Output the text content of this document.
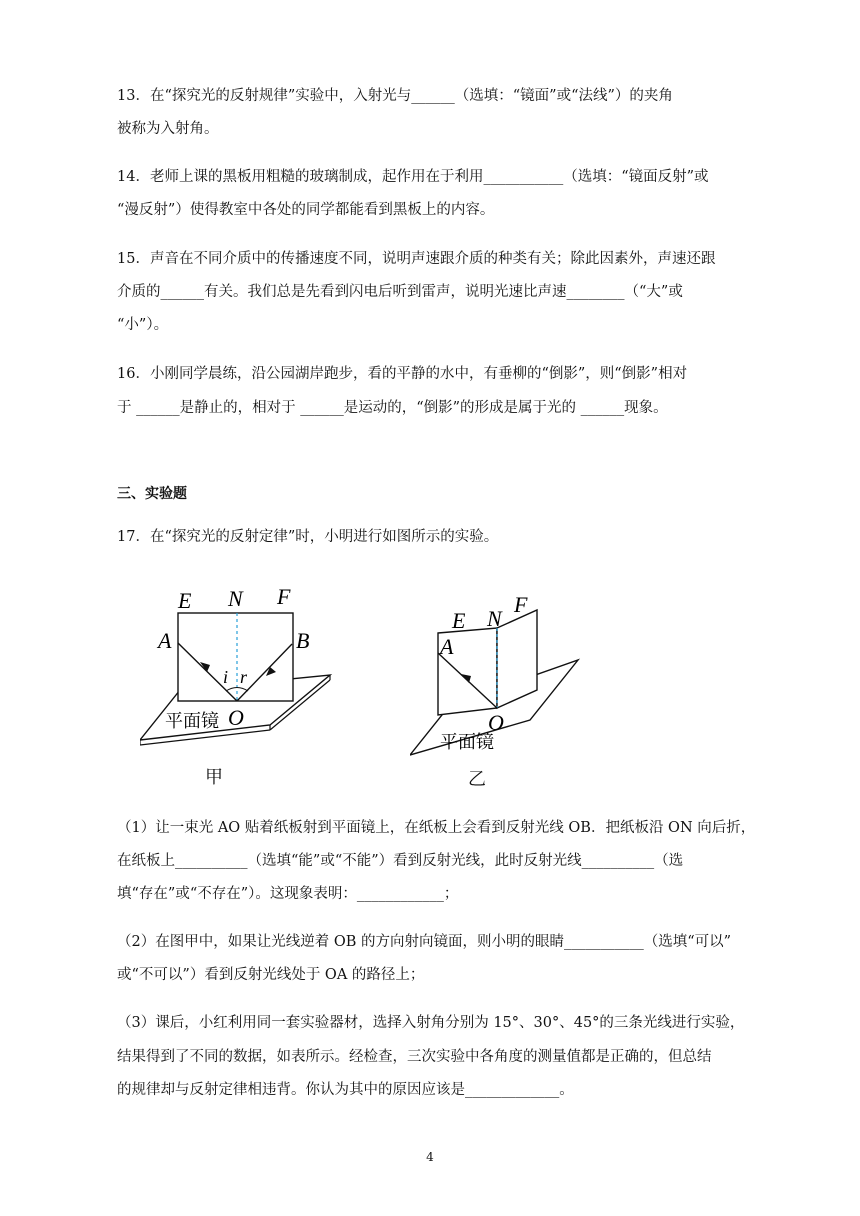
13．在“探究光的反射规律”实验中，入射光与______（选填：“镜面”或“法线”）的夹角
被称为入射角。
14．老师上课的黑板用粗糙的玻璃制成，起作用在于利用___________（选填：“镜面反射”或
“漫反射”）使得教室中各处的同学都能看到黑板上的内容。
15．声音在不同介质中的传播速度不同，说明声速跟介质的种类有关；除此因素外，声速还跟
介质的______有关。我们总是先看到闪电后听到雷声，说明光速比声速________（“大”或
“小”）。
16．小刚同学晨练，沿公园湖岸跑步，看的平静的水中，有垂柳的“倒影”，则“倒影”相对
于 ______是静止的，相对于 ______是运动的，“倒影”的形成是属于光的 ______现象。
三、实验题
17．在“探究光的反射定律”时，小明进行如图所示的实验。
E N F
A	B
i r
O
平面镜
甲
E N
F
A
O
平面镜
乙
（1）让一束光 AO 贴着纸板射到平面镜上，在纸板上会看到反射光线 OB．把纸板沿 ON 向后折，
在纸板上__________（选填“能”或“不能”）看到反射光线，此时反射光线__________（选
填“存在”或“不存在”）。这现象表明：____________；
（2）在图甲中，如果让光线逆着 OB 的方向射向镜面，则小明的眼睛___________（选填“可以”
或“不可以”）看到反射光线处于 OA 的路径上；
（3）课后，小红利用同一套实验器材，选择入射角分别为 15°、30°、45°的三条光线进行实验，
结果得到了不同的数据，如表所示。经检查，三次实验中各角度的测量值都是正确的，但总结
的规律却与反射定律相违背。你认为其中的原因应该是_____________。
4
